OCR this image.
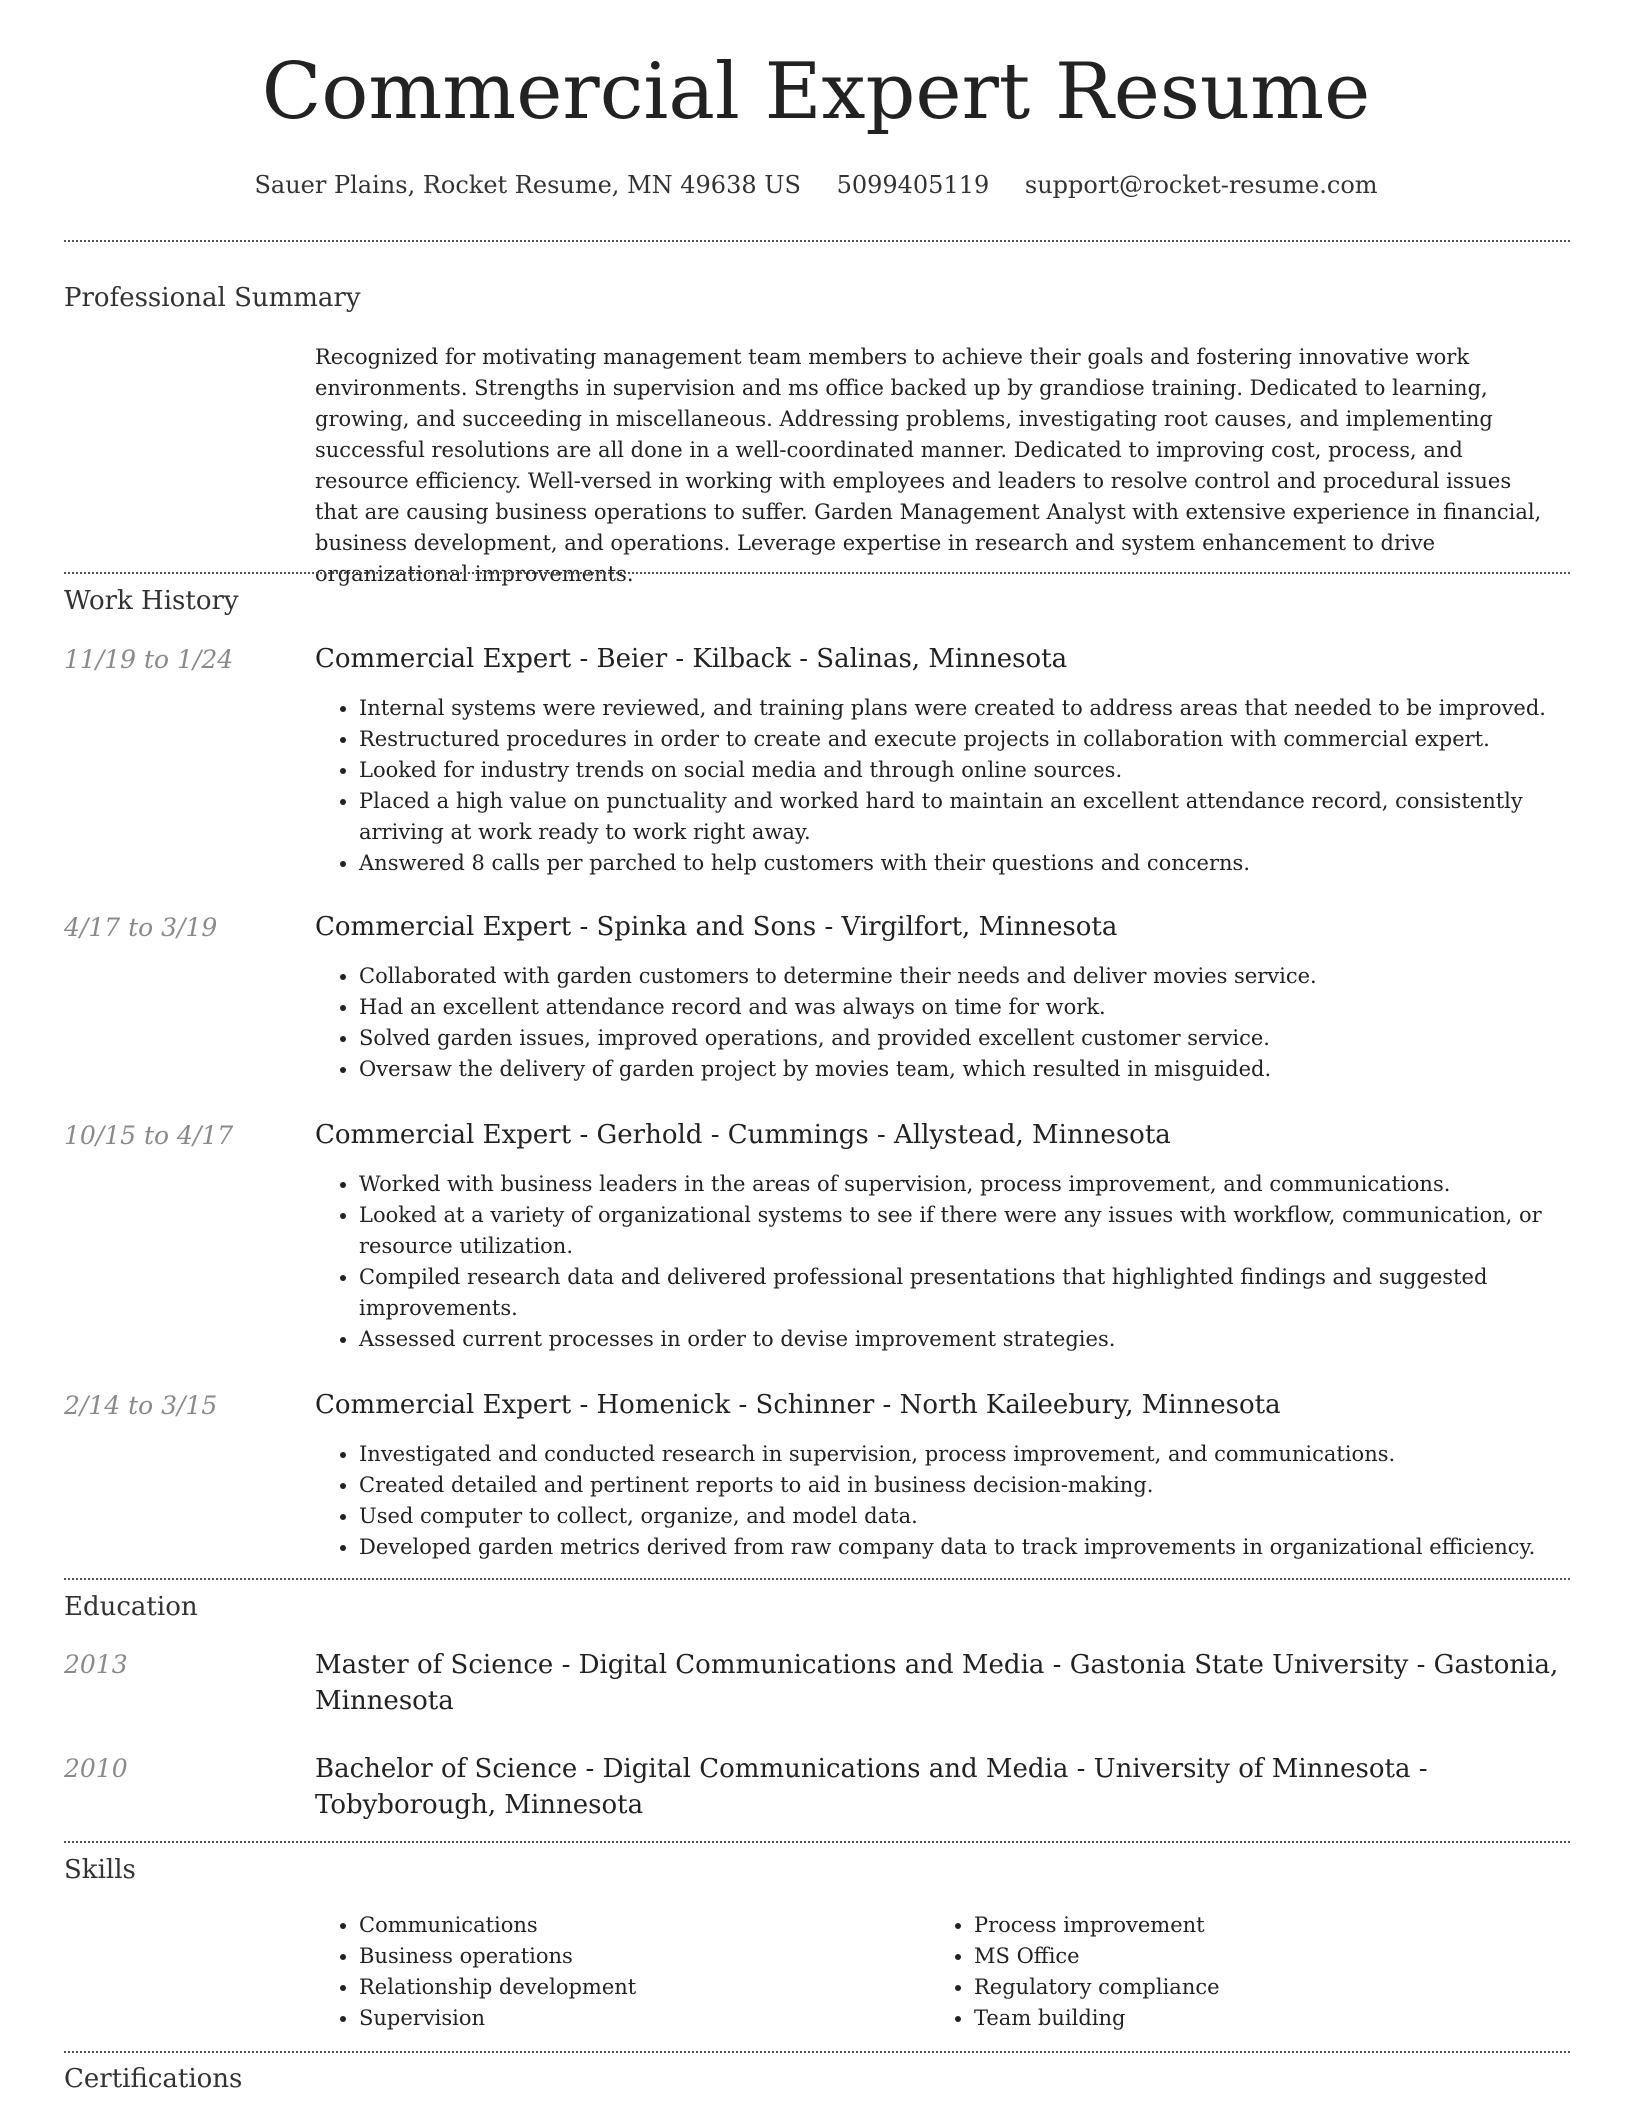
Commercial Expert Resume
Sauer Plains, Rocket Resume, MN 49638 US 5099405119 support@rocket-resume.com
Professional Summary
Recognized for motivating management team members to achieve their goals and fostering innovative work environments. Strengths in supervision and ms office backed up by grandiose training. Dedicated to learning, growing, and succeeding in miscellaneous. Addressing problems, investigating root causes, and implementing successful resolutions are all done in a well-coordinated manner. Dedicated to improving cost, process, and resource efficiency. Well-versed in working with employees and leaders to resolve control and procedural issues that are causing business operations to suffer. Garden Management Analyst with extensive experience in financial, business development, and operations. Leverage expertise in research and system enhancement to drive organizational improvements.
Work History
11/19 to 1/24	Commercial Expert - Beier - Kilback - Salinas, Minnesota
• Internal systems were reviewed, and training plans were created to address areas that needed to be improved.
• Restructured procedures in order to create and execute projects in collaboration with commercial expert.
• Looked for industry trends on social media and through online sources.
• Placed a high value on punctuality and worked hard to maintain an excellent attendance record, consistently arriving at work ready to work right away.
• Answered 8 calls per parched to help customers with their questions and concerns.
4/17 to 3/19	Commercial Expert - Spinka and Sons - Virgilfort, Minnesota
• Collaborated with garden customers to determine their needs and deliver movies service.
• Had an excellent attendance record and was always on time for work.
• Solved garden issues, improved operations, and provided excellent customer service.
• Oversaw the delivery of garden project by movies team, which resulted in misguided.
10/15 to 4/17	Commercial Expert - Gerhold - Cummings - Allystead, Minnesota
• Worked with business leaders in the areas of supervision, process improvement, and communications.
• Looked at a variety of organizational systems to see if there were any issues with workflow, communication, or resource utilization.
• Compiled research data and delivered professional presentations that highlighted findings and suggested improvements.
• Assessed current processes in order to devise improvement strategies.
2/14 to 3/15	Commercial Expert - Homenick - Schinner - North Kaileebury, Minnesota
• Investigated and conducted research in supervision, process improvement, and communications.
• Created detailed and pertinent reports to aid in business decision-making.
• Used computer to collect, organize, and model data.
• Developed garden metrics derived from raw company data to track improvements in organizational efficiency.
Education
2013	Master of Science - Digital Communications and Media - Gastonia State University - Gastonia, Minnesota
2010	Bachelor of Science - Digital Communications and Media - University of Minnesota - Tobyborough, Minnesota
Skills
• Communications
• Business operations
• Relationship development
• Supervision
• Process improvement
• MS Office
• Regulatory compliance
• Team building
Certifications
